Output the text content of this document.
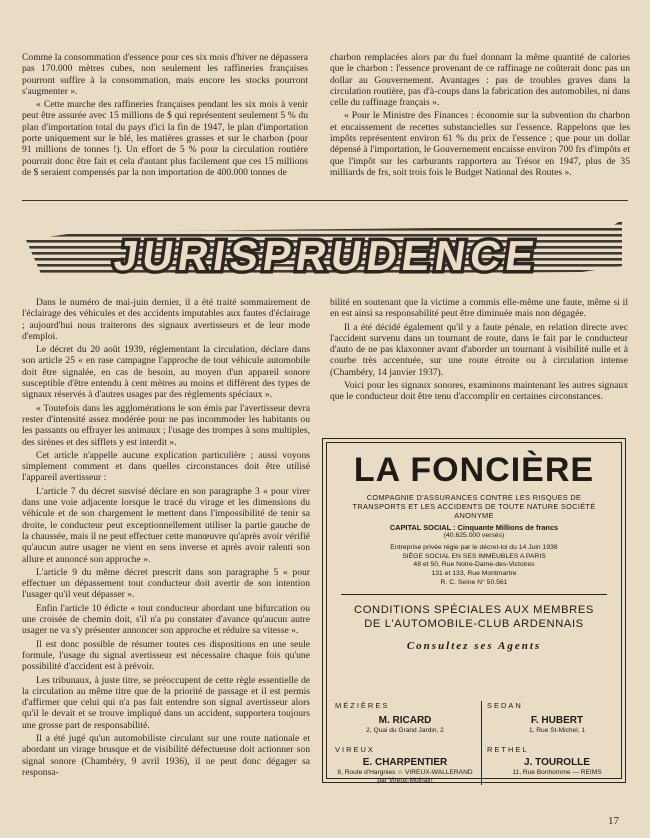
Comme la consommation d'essence pour ces six mois d'hiver ne dépassera pas 170.000 mètres cubes, non seulement les raffineries françaises pourront suffire à la consommation, mais encore les stocks pourront s'augmenter ».

« Cette marche des raffineries françaises pendant les six mois à venir peut être assurée avec 15 millions de $ qui représentent seulement 5 % du plan d'importation total du pays d'ici la fin de 1947, le plan d'importation porte uniquement sur le blé, les matières grasses et sur le charbon (pour 91 millions de tonnes !). Un effort de 5 % pour la circulation routière pourrait donc être fait et cela d'autant plus facilement que ces 15 millions de $ seraient compensés par la non importation de 400.000 tonnes de

charbon remplacées alors par du fuel donnant la même quantité de calories que le charbon : l'essence provenant de ce raffinage ne coûterait donc pas un dollar au Gouvernement. Avantages : pas de troubles graves dans la circulation routière, pas d'à-coups dans la fabrication des automobiles, ni dans celle du raffinage français ».

« Pour le Ministre des Finances : économie sur la subvention du charbon et encaissement de recettes substancielles sur l'essence. Rappelons que les impôts représentent environ 61 % du prix de l'essence ; que pour un dollar dépensé à l'importation, le Gouvernement encaisse environ 700 frs d'impôts et que l'impôt sur les carburants rapportera au Trésor en 1947, plus de 35 milliards de frs, soit trois fois le Budget National des Routes ».

JURISPRUDENCE

Dans le numéro de mai-juin dernier, il a été traité sommairement de l'éclairage des véhicules et des accidents imputables aux fautes d'éclairage ; aujourd'hui nous traiterons des signaux avertisseurs et de leur mode d'emploi.

Le décret du 20 août 1939, réglementant la circulation, déclare dans son article 25 « en rase campagne l'approche de tout véhicule automobile doit être signalée, en cas de besoin, au moyen d'un appareil sonore susceptible d'être entendu à cent mètres au moins et différent des types de signaux réservés à d'autres usages par des règlements spéciaux ».

« Toutefois dans les agglomérations le son émis par l'avertisseur devra rester d'intensité assez modérée pour ne pas incommoder les habitants ou les passants ou effrayer les animaux ; l'usage des trompes à sons multiples, des sirènes et des sifflets y est interdit ».

Cet article n'appelle aucune explication particulière ; aussi voyons simplement comment et dans quelles circonstances doit être utilisé l'appareil avertisseur :

L'article 7 du décret susvisé déclare en son paragraphe 3 « pour virer dans une voie adjacente lorsque le tracé du virage et les dimensions du véhicule et de son chargement le mettent dans l'impossibilité de tenir sa droite, le conducteur peut exceptionnellement utiliser la partie gauche de la chaussée, mais il ne peut effectuer cette manœuvre qu'après avoir vérifié qu'aucun autre usager ne vient en sens inverse et après avoir ralenti son allure et annoncé son approche ».

L'article 9 du même décret prescrit dans son paragraphe 5 « pour effectuer un dépassement tout conducteur doit avertir de son intention l'usager qu'il veut dépasser ».

Enfin l'article 10 édicte « tout conducteur abordant une bifurcation ou une croisée de chemin doit, s'il n'a pu constater d'avance qu'aucun autre usager ne va s'y présenter annoncer son approche et réduire sa vitesse ».

Il est donc possible de résumer toutes ces dispositions en une seule formule, l'usage du signal avertisseur est nécessaire chaque fois qu'une possibilité d'accident est à prévoir.

Les tribunaux, à juste titre, se préoccupent de cette règle essentielle de la circulation au même titre que de la priorité de passage et il est permis d'affirmer que celui qui n'a pas fait entendre son signal avertisseur alors qu'il le devait et se trouve impliqué dans un accident, supportera toujours une grosse part de responsabilité.

Il a été jugé qu'un automobiliste circulant sur une route nationale et abordant un virage brusque et de visibilité défectueuse doit actionner son signal sonore (Chambéry, 9 avril 1936), il ne peut donc dégager sa responsa-

bilité en soutenant que la victime a commis elle-même une faute, même si il en est ainsi sa responsabilité peut être diminuée mais non dégagée.

Il a été décidé également qu'il y a faute pénale, en relation directe avec l'accident survenu dans un tournant de route, dans le fait par le conducteur d'auto de ne pas klaxonner avant d'aborder un tournant à visibilité nulle et à courbe très accentuée, sur une route étroite ou à circulation intense (Chambéry, 14 janvier 1937).

Voici pour les signaux sonores, examinons maintenant les autres signaux que le conducteur doit être tenu d'accomplir en certaines circonstances.

LA FONCIÈRE
COMPAGNIE D'ASSURANCES CONTRE LES RISQUES DE TRANSPORTS ET LES ACCIDENTS DE TOUTE NATURE SOCIÉTÉ ANONYME
CAPITAL SOCIAL : Cinquante Millions de francs
(40.625.000 versés)
Entreprise privée régie par le décret-loi du 14 Juin 1938
SIÈGE SOCIAL EN SES IMMEUBLES A PARIS
48 et 50, Rue Notre-Dame-des-Victoires
131 et 133, Rue Montmartre
R. C. Seine N° 50.561
CONDITIONS SPÉCIALES AUX MEMBRES
DE L'AUTOMOBILE-CLUB ARDENNAIS
Consultez ses Agents
MÉZIÈRES
M. RICARD
2, Quai du Grand Jardin, 2
SEDAN
F. HUBERT
1, Rue St-Michel, 1
VIREUX
E. CHARPENTIER
8, Route d'Hargnies ☆ VIREUX-WALLERAND
par Vireux-Molhain
RETHEL
J. TOUROLLE
11, Rue Bonhomme — REIMS
17
